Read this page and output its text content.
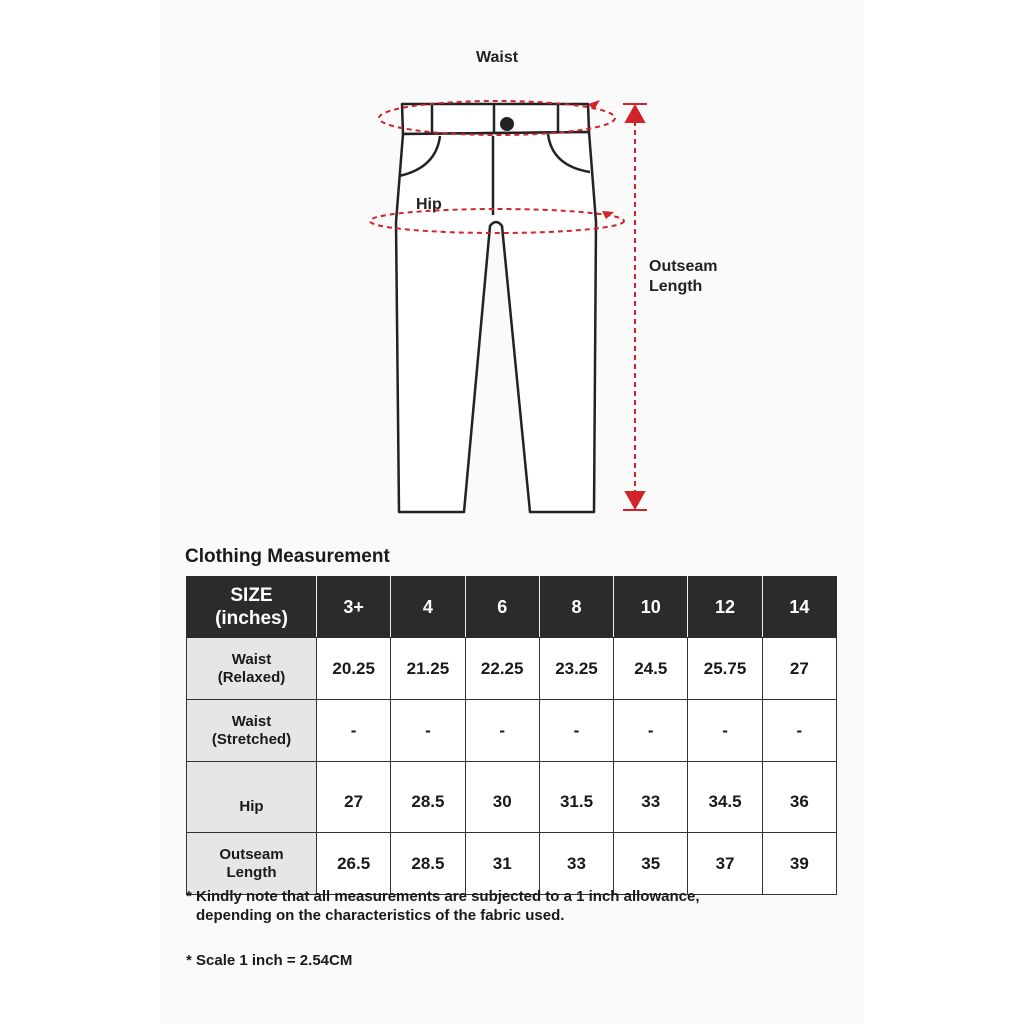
Waist
Hip
Outseam Length
Clothing Measurement
SIZE
(inches)	3+	4	6	8	10	12	14
Waist
(Relaxed)	20.25	21.25	22.25	23.25	24.5	25.75	27
Waist
(Stretched)	-	-	-	-	-	-	-
Hip	27	28.5	30	31.5	33	34.5	36
Outseam
Length	26.5	28.5	31	33	35	37	39
* Kindly note that all measurements are subjected to a 1 inch allowance,
depending on the characteristics of the fabric used.
* Scale 1 inch = 2.54CM
